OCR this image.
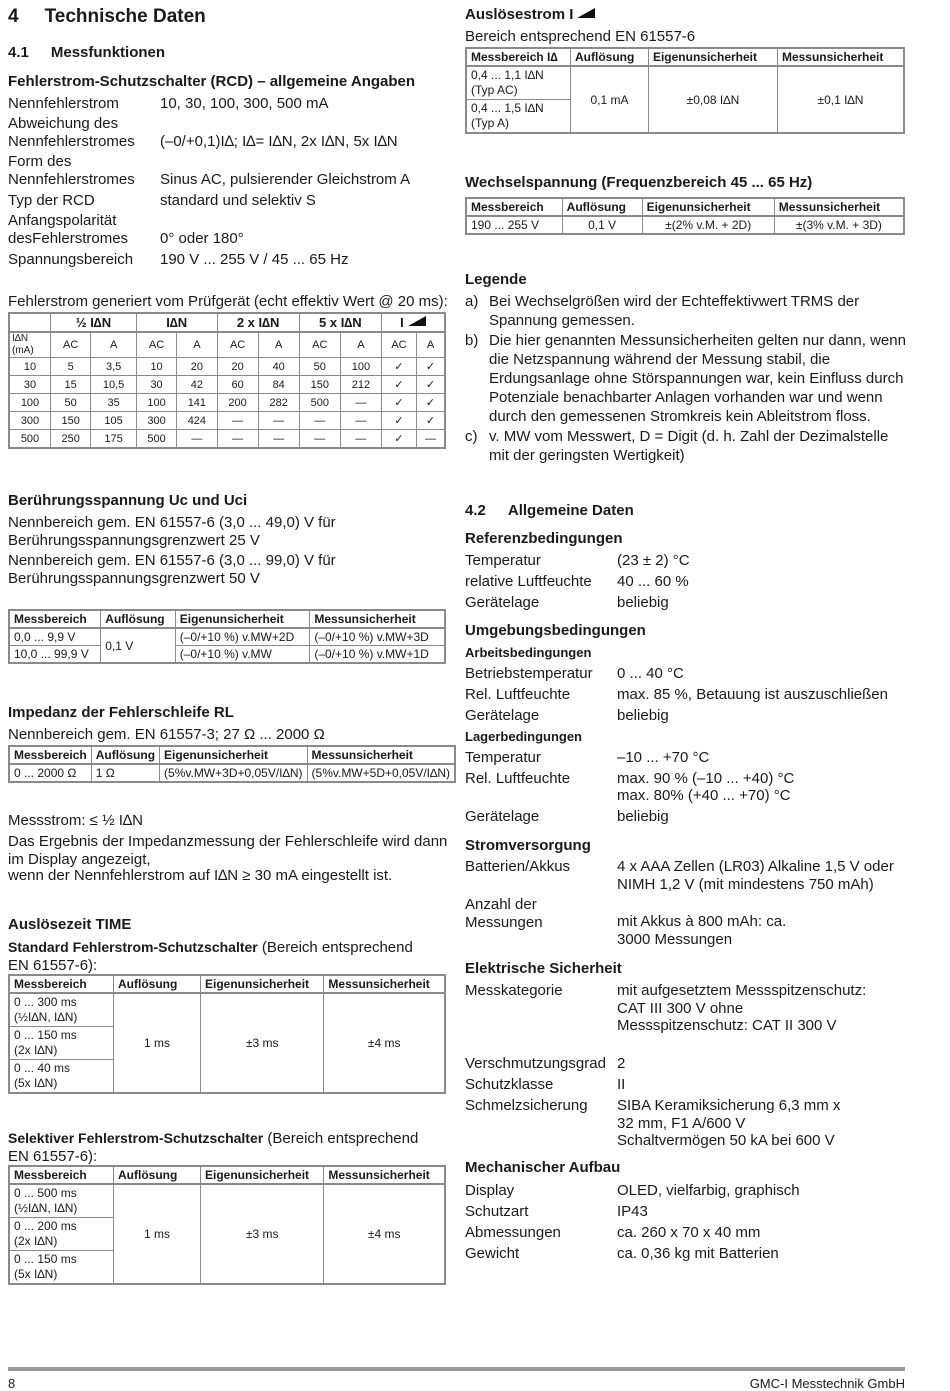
4 Technische Daten
4.1 Messfunktionen
Fehlerstrom-Schutzschalter (RCD) – allgemeine Angaben
Nennfehlerstrom	10, 30, 100, 300, 500 mA
Abweichung des Nennfehlerstromes	(–0/+0,1)I∆; I∆= I∆N, 2x I∆N, 5x I∆N
Form des Nennfehlerstromes	Sinus AC, pulsierender Gleichstrom A
Typ der RCD	standard und selektiv S
Anfangspolarität desFehlerstromes	0° oder 180°
Spannungsbereich	190 V ... 255 V / 45 ... 65 Hz
Fehlerstrom generiert vom Prüfgerät (echt effektiv Wert @ 20 ms):
	½ I∆N		I∆N		2 x I∆N		5 x I∆N		I	
I∆N (mA)	AC	A	AC	A	AC	A	AC	A	AC	A
10	5	3,5	10	20	20	40	50	100	✓	✓
30	15	10,5	30	42	60	84	150	212	✓	✓
100	50	35	100	141	200	282	500	—	✓	✓
300	150	105	300	424	—	—	—	—	✓	✓
500	250	175	500	—	—	—	—	—	✓	—
Berührungsspannung Uc und Uci
Nennbereich gem. EN 61557-6 (3,0 ... 49,0) V für Berührungsspannungsgrenzwert 25 V
Nennbereich gem. EN 61557-6 (3,0 ... 99,0) V für Berührungsspannungsgrenzwert 50 V
Messbereich	Auflösung	Eigenunsicherheit	Messunsicherheit
0,0 ... 9,9 V	0,1 V	(–0/+10 %) v.MW+2D	(–0/+10 %) v.MW+3D
10,0 ... 99,9 V		(–0/+10 %) v.MW	(–0/+10 %) v.MW+1D
Impedanz der Fehlerschleife RL
Nennbereich gem. EN 61557-3; 27 Ω ... 2000 Ω
Messbereich	Auflösung	Eigenunsicherheit	Messunsicherheit
0 ... 2000 Ω	1 Ω	(5%v.MW+3D+0,05V/I∆N)	(5%v.MW+5D+0,05V/I∆N)
Messstrom: ≤ ½ I∆N
Das Ergebnis der Impedanzmessung der Fehlerschleife wird dann im Display angezeigt,
wenn der Nennfehlerstrom auf I∆N ≥ 30 mA eingestellt ist.
Auslösezeit TIME
Standard Fehlerstrom-Schutzschalter (Bereich entsprechend EN 61557-6):
Messbereich	Auflösung	Eigenunsicherheit	Messunsicherheit

0 ... 300 ms
(½I∆N, I∆N)	1 ms	±3 ms	±4 ms

0 ... 150 ms
(2x I∆N)			

0 ... 40 ms
(5x I∆N)			
Selektiver Fehlerstrom-Schutzschalter (Bereich entsprechend EN 61557-6):
Messbereich	Auflösung	Eigenunsicherheit	Messunsicherheit

0 ... 500 ms
(½I∆N, I∆N)	1 ms	±3 ms	±4 ms

0 ... 200 ms
(2x I∆N)			

0 ... 150 ms
(5x I∆N)			
Auslösestrom I
Bereich entsprechend EN 61557-6
Messbereich I∆	Auflösung	Eigenunsicherheit	Messunsicherheit

0,4 ... 1,1 I∆N
(Typ AC)	0,1 mA	±0,08 I∆N	±0,1 I∆N

0,4 ... 1,5 I∆N
(Typ A)			
Wechselspannung (Frequenzbereich 45 ... 65 Hz)
Messbereich	Auflösung	Eigenunsicherheit	Messunsicherheit
190 ... 255 V	0,1 V	±(2% v.M. + 2D)	±(3% v.M. + 3D)
Legende
a) Bei Wechselgrößen wird der Echteffektivwert TRMS der Spannung gemessen.
b) Die hier genannten Messunsicherheiten gelten nur dann, wenn die Netzspannung während der Messung stabil, die Erdungsanlage ohne Störspannungen war, kein Einfluss durch Potenziale benachbarter Anlagen vorhanden war und wenn durch den gemessenen Stromkreis kein Ableitstrom floss.
c) v. MW vom Messwert, D = Digit (d. h. Zahl der Dezimalstelle mit der geringsten Wertigkeit)
4.2 Allgemeine Daten
Referenzbedingungen
Temperatur	(23 ± 2) °C
relative Luftfeuchte	40 ... 60 %
Gerätelage	beliebig
Umgebungsbedingungen
Arbeitsbedingungen
Betriebstemperatur	0 ... 40 °C
Rel. Luftfeuchte	max. 85 %, Betauung ist auszuschließen
Gerätelage	beliebig
Lagerbedingungen
Temperatur	–10 ... +70 °C
Rel. Luftfeuchte	max. 90 % (–10 ... +40) °C
max. 80% (+40 ... +70) °C
Gerätelage	beliebig
Stromversorgung
Batterien/Akkus	4 x AAA Zellen (LR03) Alkaline 1,5 V oder NIMH 1,2 V (mit mindestens 750 mAh)
Anzahl der Messungen	mit Akkus à 800 mAh: ca. 3000 Messungen
Elektrische Sicherheit
Messkategorie	mit aufgesetztem Messspitzenschutz: CAT III 300 V ohne Messspitzenschutz: CAT II 300 V
Verschmutzungsgrad 2
Schutzklasse	II
Schmelzsicherung	SIBA Keramiksicherung 6,3 mm x 32 mm, F1 A/600 V Schaltvermögen 50 kA bei 600 V
Mechanischer Aufbau
Display	OLED, vielfarbig, graphisch
Schutzart	IP43
Abmessungen	ca. 260 x 70 x 40 mm
Gewicht	ca. 0,36 kg mit Batterien
8	GMC-I Messtechnik GmbH
